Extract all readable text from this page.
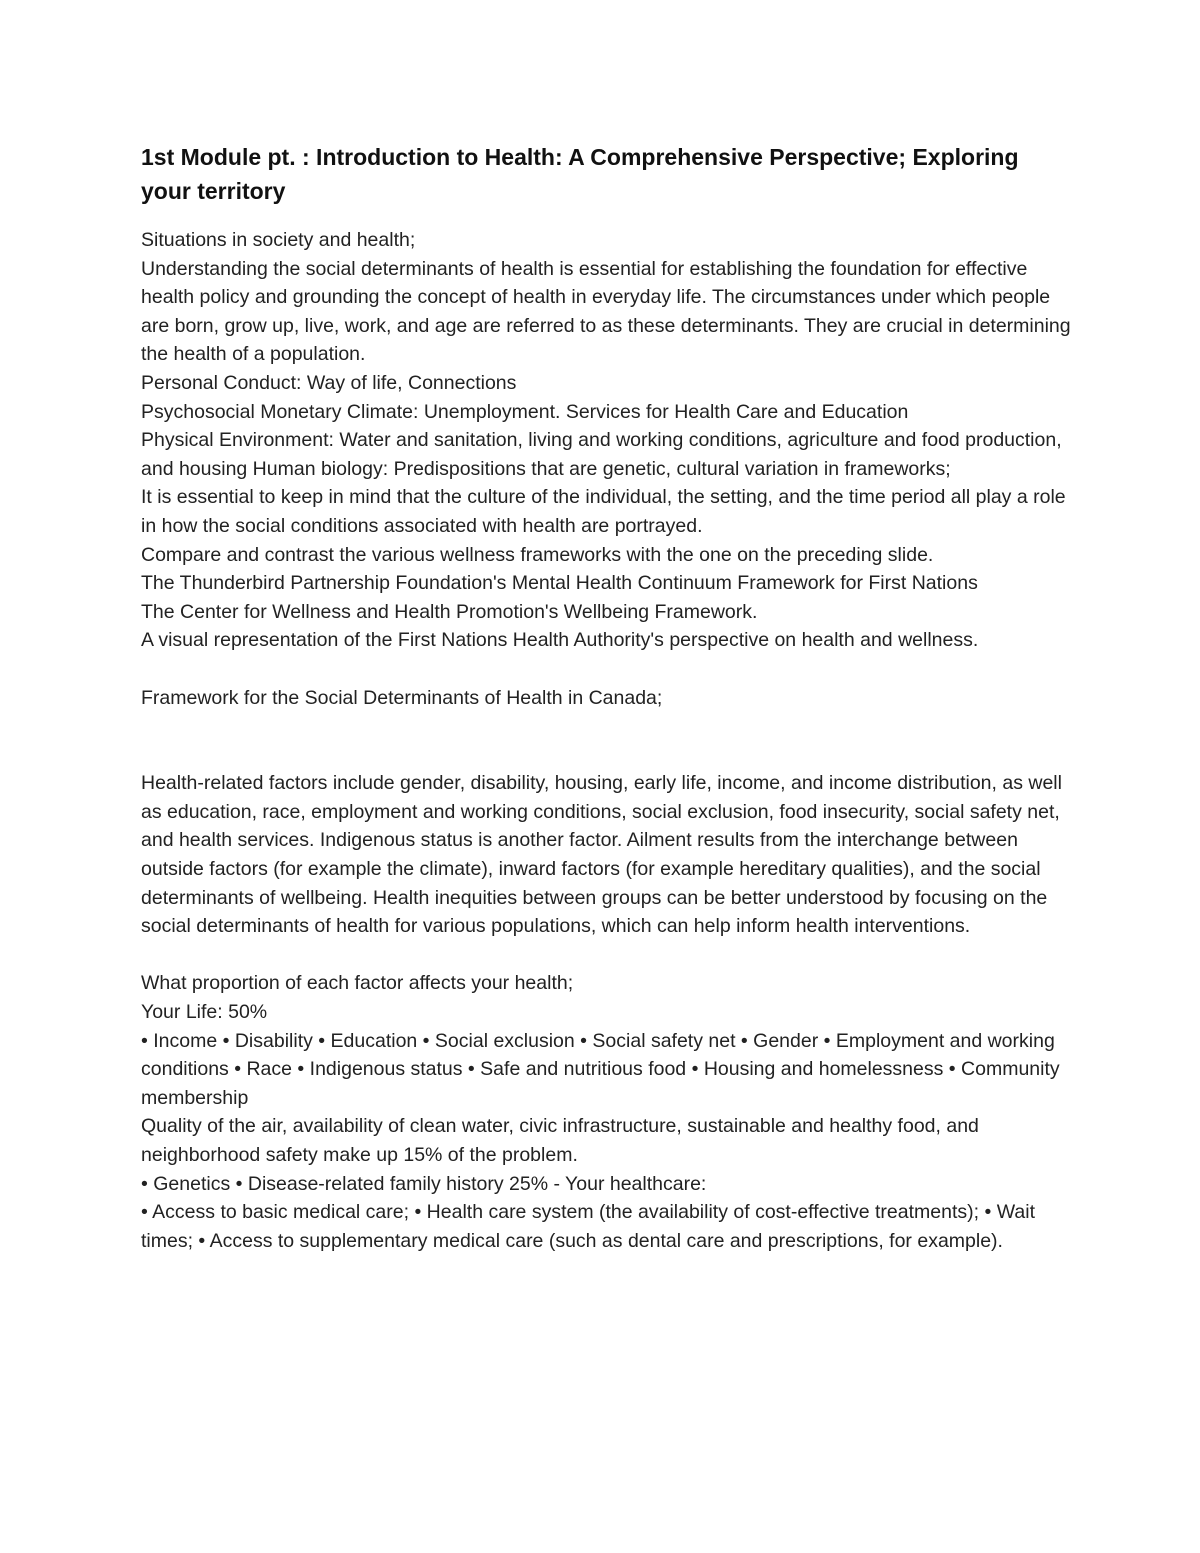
1st Module pt. : Introduction to Health: A Comprehensive Perspective; Exploring your territory

Situations in society and health;

Understanding the social determinants of health is essential for establishing the foundation for effective health policy and grounding the concept of health in everyday life. The circumstances under which people are born, grow up, live, work, and age are referred to as these determinants. They are crucial in determining the health of a population.

Personal Conduct: Way of life, Connections

Psychosocial Monetary Climate: Unemployment. Services for Health Care and Education

Physical Environment: Water and sanitation, living and working conditions, agriculture and food production, and housing Human biology: Predispositions that are genetic, cultural variation in frameworks;

It is essential to keep in mind that the culture of the individual, the setting, and the time period all play a role in how the social conditions associated with health are portrayed.

Compare and contrast the various wellness frameworks with the one on the preceding slide.

The Thunderbird Partnership Foundation's Mental Health Continuum Framework for First Nations

The Center for Wellness and Health Promotion's Wellbeing Framework.

A visual representation of the First Nations Health Authority's perspective on health and wellness.

Framework for the Social Determinants of Health in Canada;

Health-related factors include gender, disability, housing, early life, income, and income distribution, as well as education, race, employment and working conditions, social exclusion, food insecurity, social safety net, and health services. Indigenous status is another factor. Ailment results from the interchange between outside factors (for example the climate), inward factors (for example hereditary qualities), and the social determinants of wellbeing. Health inequities between groups can be better understood by focusing on the social determinants of health for various populations, which can help inform health interventions.

What proportion of each factor affects your health;

Your Life: 50%

• Income • Disability • Education • Social exclusion • Social safety net • Gender • Employment and working conditions • Race • Indigenous status • Safe and nutritious food • Housing and homelessness • Community membership

Quality of the air, availability of clean water, civic infrastructure, sustainable and healthy food, and neighborhood safety make up 15% of the problem.

• Genetics • Disease-related family history 25% - Your healthcare:

• Access to basic medical care; • Health care system (the availability of cost-effective treatments); • Wait times; • Access to supplementary medical care (such as dental care and prescriptions, for example).
